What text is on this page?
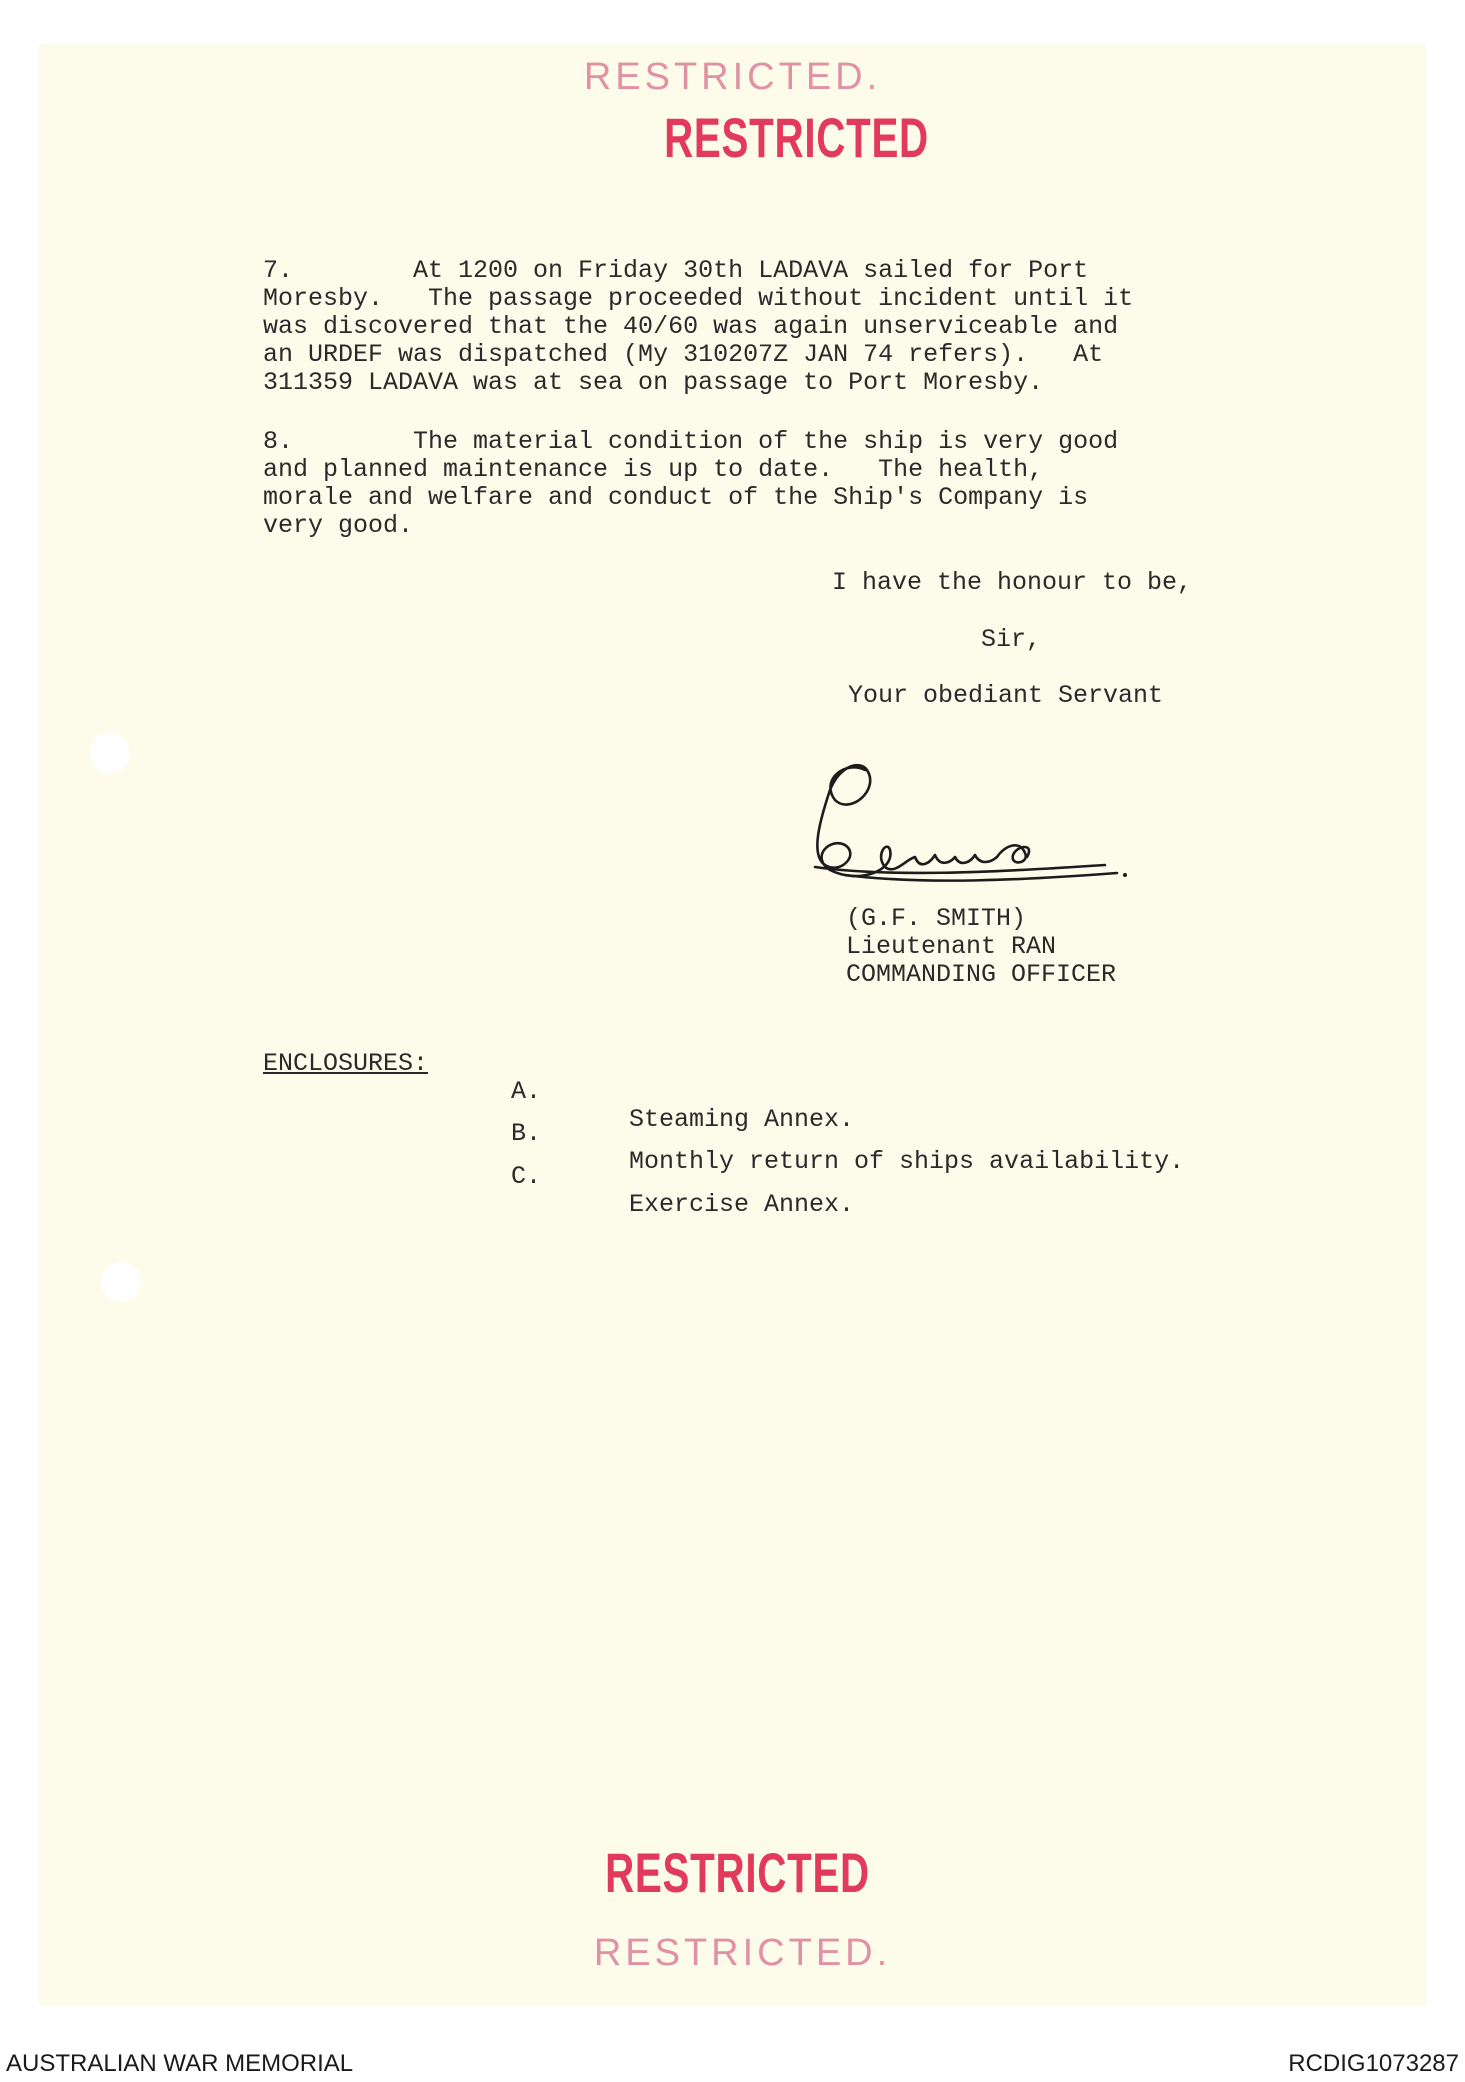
RESTRICTED.
RESTRICTED
7.        At 1200 on Friday 30th LADAVA sailed for Port
Moresby.   The passage proceeded without incident until it
was discovered that the 40/60 was again unserviceable and
an URDEF was dispatched (My 310207Z JAN 74 refers).   At
311359 LADAVA was at sea on passage to Port Moresby.
8.        The material condition of the ship is very good
and planned maintenance is up to date.   The health,
morale and welfare and conduct of the Ship's Company is
very good.
I have the honour to be,
Sir,
Your obediant Servant
(G.F. SMITH)
Lieutenant RAN
COMMANDING OFFICER

ENCLOSURES:

A.

Steaming Annex.

B.

Monthly return of ships availability.

C.

Exercise Annex.

RESTRICTED
RESTRICTED.
AUSTRALIAN WAR MEMORIAL	RCDIG1073287
